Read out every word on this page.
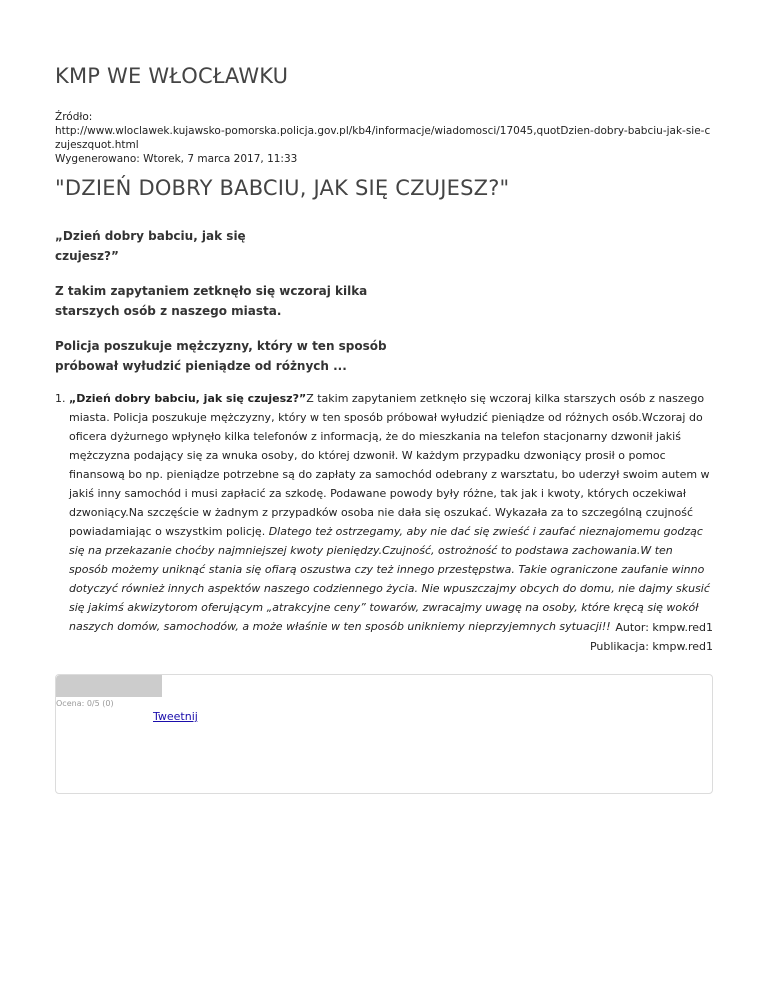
KMP WE WŁOCŁAWKU
Źródło:
http://www.wloclawek.kujawsko-pomorska.policja.gov.pl/kb4/informacje/wiadomosci/17045,quotDzien-dobry-babciu-jak-sie-czujeszquot.html
Wygenerowano: Wtorek, 7 marca 2017, 11:33
"DZIEŃ DOBRY BABCIU, JAK SIĘ CZUJESZ?"
„Dzień dobry babciu, jak się czujesz?”
Z takim zapytaniem zetknęło się wczoraj kilka starszych osób z naszego miasta.
Policja poszukuje mężczyzny, który w ten sposób próbował wyłudzić pieniądze od różnych ...
1. „Dzień dobry babciu, jak się czujesz?”Z takim zapytaniem zetknęło się wczoraj kilka starszych osób z naszego miasta. Policja poszukuje mężczyzny, który w ten sposób próbował wyłudzić pieniądze od różnych osób.Wczoraj do oficera dyżurnego wpłynęło kilka telefonów z informacją, że do mieszkania na telefon stacjonarny dzwonił jakiś mężczyzna podający się za wnuka osoby, do której dzwonił. W każdym przypadku dzwoniący prosił o pomoc finansową bo np. pieniądze potrzebne są do zapłaty za samochód odebrany z warsztatu, bo uderzył swoim autem w jakiś inny samochód i musi zapłacić za szkodę. Podawane powody były różne, tak jak i kwoty, których oczekiwał dzwoniący.Na szczęście w żadnym z przypadków osoba nie dała się oszukać. Wykazała za to szczególną czujność powiadamiając o wszystkim policję. Dlatego też ostrzegamy, aby nie dać się zwieść i zaufać nieznajomemu godząc się na przekazanie choćby najmniejszej kwoty pieniędzy.Czujność, ostrożność to podstawa zachowania.W ten sposób możemy uniknąć stania się ofiarą oszustwa czy też innego przestępstwa. Takie ograniczone zaufanie winno dotyczyć również innych aspektów naszego codziennego życia. Nie wpuszczajmy obcych do domu, nie dajmy skusić się jakimś akwizytorom oferującym „atrakcyjne ceny” towarów, zwracajmy uwagę na osoby, które kręcą się wokół naszych domów, samochodów, a może właśnie w ten sposób unikniemy nieprzyjemnych sytuacji!! Autor: kmpw.red1
Publikacja: kmpw.red1
Ocena: 0/5 (0)
Tweetnij
